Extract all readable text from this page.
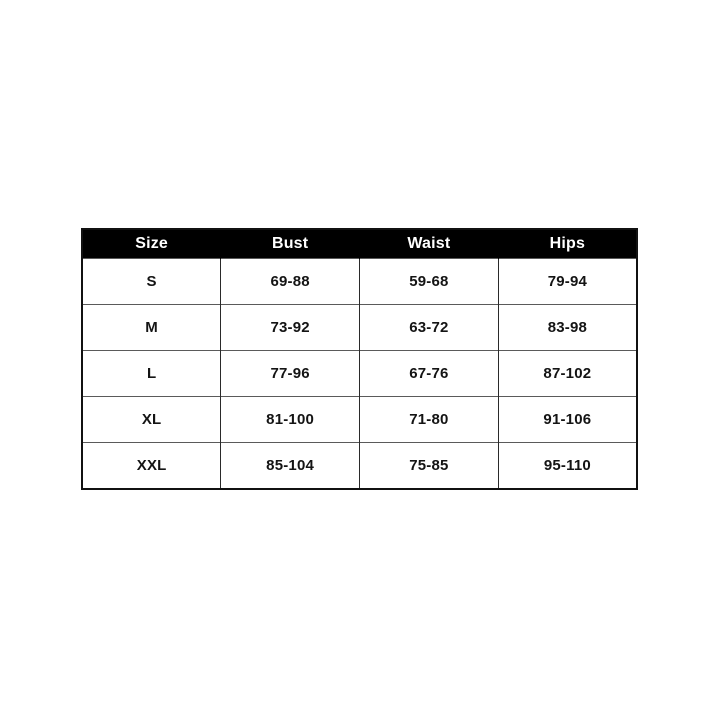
Size	Bust	Waist	Hips
S	69-88	59-68	79-94
M	73-92	63-72	83-98
L	77-96	67-76	87-102
XL	81-100	71-80	91-106
XXL	85-104	75-85	95-110
